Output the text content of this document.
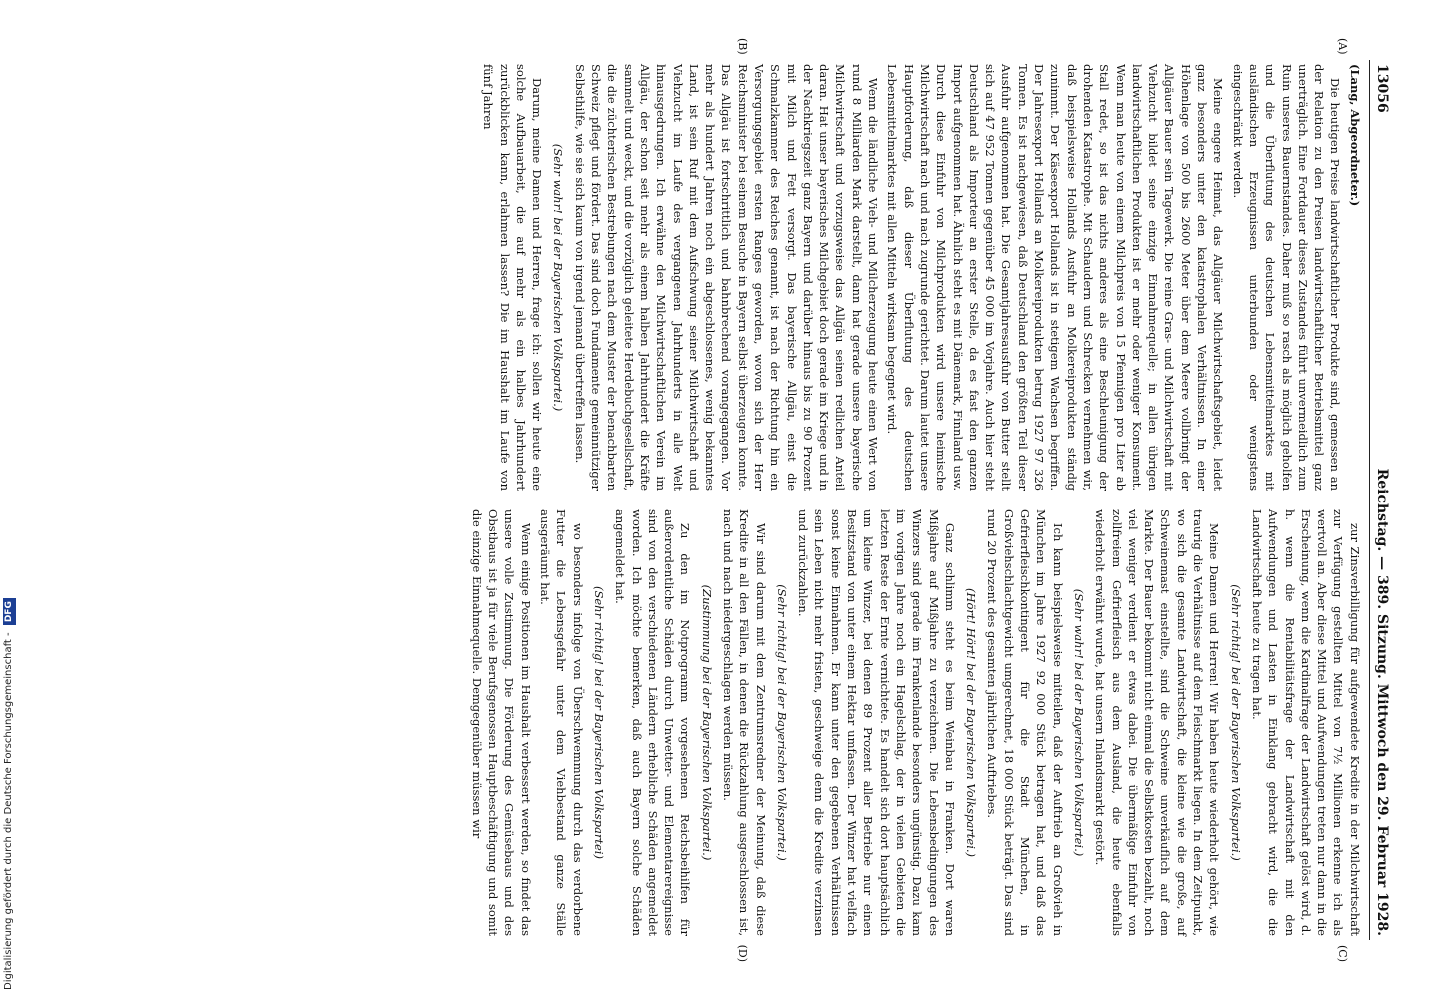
Digitalisierung gefördert durch die Deutsche Forschungsgemeinschaft - DFG
13056
Reichstag. — 389. Sitzung. Mittwoch den 29. Februar 1928.

(Lang, Abgeordneter.)

Die heutigen Preise landwirtschaftlicher Produkte sind, gemessen an der Relation zu den Preisen landwirtschaftlicher Betriebsmittel ganz unerträglich. Eine Fortdauer dieses Zustandes führt unvermeidlich zum Ruin unseres Bauernstandes. Daher muß so rasch als möglich geholfen und die Überflutung des deutschen Lebensmittelmarktes mit ausländischen Erzeugnissen unterbunden oder wenigstens eingeschränkt werden.

Meine engere Heimat, das Allgäuer Milchwirtschaftsgebiet, leidet ganz besonders unter den katastrophalen Verhältnissen. In einer Höhenlage von 500 bis 2600 Meter über dem Meere vollbringt der Allgäuer Bauer sein Tagewerk. Die reine Gras- und Milchwirtschaft mit Viehzucht bildet seine einzige Einnahmequelle; in allen übrigen landwirtschaftlichen Produkten ist er mehr oder weniger Konsument. Wenn man heute von einem Milchpreis von 15 Pfennigen pro Liter ab Stall redet, so ist das nichts anderes als eine Beschleunigung der drohenden Katastrophe. Mit Schaudern und Schrecken vernehmen wir, daß beispielsweise Hollands Ausfuhr an Molkereiprodukten ständig zunimmt. Der Käseexport Hollands ist in stetigem Wachsen begriffen. Der Jahresexport Hollands an Molkereiprodukten betrug 1927 97 326 Tonnen. Es ist nachgewiesen, daß Deutschland den größten Teil dieser Ausfuhr aufgenommen hat. Die Gesamtjahresausfuhr von Butter stellt sich auf 47 952 Tonnen gegenüber 45 000 im Vorjahre. Auch hier steht Deutschland als Importeur an erster Stelle, da es fast den ganzen Import aufgenommen hat. Ähnlich steht es mit Dänemark, Finnland usw. Durch diese Einfuhr von Milchprodukten wird unsere heimische Milchwirtschaft nach und nach zugrunde gerichtet. Darum lautet unsere Hauptforderung, daß dieser Überflutung des deutschen Lebensmittelmarktes mit allen Mitteln wirksam begegnet wird.

Wenn die ländliche Vieh- und Milcherzeugung heute einen Wert von rund 8 Milliarden Mark darstellt, dann hat gerade unsere bayerische Milchwirtschaft und vorzugsweise das Allgäu seinen redlichen Anteil daran. Hat unser bayerisches Milchgebiet doch gerade im Kriege und in der Nachkriegszeit ganz Bayern und darüber hinaus bis zu 90 Prozent mit Milch und Fett versorgt. Das bayerische Allgäu, einst die Schmalzkammer des Reiches genannt, ist nach der Richtung hin ein Versorgungsgebiet ersten Ranges geworden, wovon sich der Herr Reichsminister bei seinem Besuche in Bayern selbst überzeugen konnte. Das Allgäu ist fortschrittlich und bahnbrechend vorangegangen. Vor mehr als hundert Jahren noch ein abgeschlossenes, wenig bekanntes Land, ist sein Ruf mit dem Aufschwung seiner Milchwirtschaft und Viehzucht im Laufe des vergangenen Jahrhunderts in alle Welt hinausgedrungen. Ich erwähne den Milchwirtschaftlichen Verein im Allgäu, der schon seit mehr als einem halben Jahrhundert die Kräfte sammelt und weckt, und die vorzüglich geleitete Herdebuchgesellschaft, die die züchterischen Bestrebungen nach dem Muster der benachbarten Schweiz pflegt und fördert. Das sind doch Fundamente gemeinnütziger Selbsthilfe, wie sie sich kaum von irgend jemand übertreffen lassen.

(Sehr wahr! bei der Bayerischen Volkspartei.)

Darum, meine Damen und Herren, frage ich: sollen wir heute eine solche Aufbauarbeit, die auf mehr als ein halbes Jahrhundert zurückblicken kann, erlahmen lassen? Die im Haushalt im Laufe von fünf Jahren

zur Zinsverbilligung für aufgewendete Kredite in der Milchwirtschaft zur Verfügung gestellten Mittel von 7½ Millionen erkenne ich als wertvoll an. Aber diese Mittel und Aufwendungen treten nur dann in die Erscheinung, wenn die Kardinalfrage der Landwirtschaft gelöst wird, d. h. wenn die Rentabilitätsfrage der Landwirtschaft mit den Aufwendungen und Lasten in Einklang gebracht wird, die die Landwirtschaft heute zu tragen hat.

(Sehr richtig! bei der Bayerischen Volkspartei.)

Meine Damen und Herren! Wir haben heute wiederholt gehört, wie traurig die Verhältnisse auf dem Fleischmarkt liegen. In dem Zeitpunkt, wo sich die gesamte Landwirtschaft, die kleine wie die große, auf Schweinemast einstellte, sind die Schweine unverkäuflich auf dem Markte. Der Bauer bekommt nicht einmal die Selbstkosten bezahlt, noch viel weniger verdient er etwas dabei. Die übermäßige Einfuhr von zollfreiem Gefrierfleisch aus dem Ausland, die heute ebenfalls wiederholt erwähnt wurde, hat unsern Inlandsmarkt gestört.

(Sehr wahr! bei der Bayerischen Volkspartei.)

Ich kann beispielsweise mitteilen, daß der Auftrieb an Großvieh in München im Jahre 1927 92 000 Stück betragen hat, und daß das Gefrierfleischkontingent für die Stadt München, in Großviehschlachtgewicht umgerechnet, 18 000 Stück beträgt. Das sind rund 20 Prozent des gesamten jährlichen Auftriebes.

(Hört! Hört! bei der Bayerischen Volkspartei.)

Ganz schlimm steht es beim Weinbau in Franken. Dort waren Mißjahre auf Mißjahre zu verzeichnen. Die Lebensbedingungen des Winzers sind gerade im Frankenlande besonders ungünstig. Dazu kam im vorigen Jahre noch ein Hagelschlag, der in vielen Gebieten die letzten Reste der Ernte vernichtete. Es handelt sich dort hauptsächlich um kleine Winzer, bei denen 89 Prozent aller Betriebe nur einen Besitzstand von unter einem Hektar umfassen. Der Winzer hat vielfach sonst keine Einnahmen. Er kann unter den gegebenen Verhältnissen sein Leben nicht mehr fristen, geschweige denn die Kredite verzinsen und zurückzahlen.

(Sehr richtig! bei der Bayerischen Volkspartei.)

Wir sind darum mit dem Zentrumsredner der Meinung, daß diese Kredite in all den Fällen, in denen die Rückzahlung ausgeschlossen ist, nach und nach niedergeschlagen werden müssen.

(Zustimmung bei der Bayerischen Volkspartei.)

Zu den im Notprogramm vorgesehenen Reichsbeihilfen für außerordentliche Schäden durch Unwetter- und Elementarereignisse sind von den verschiedenen Ländern erhebliche Schäden angemeldet worden. Ich möchte bemerken, daß auch Bayern solche Schäden angemeldet hat.

(Sehr richtig! bei der Bayerischen Volkspartei)

wo besonders infolge von Überschwemmung durch das verdorbene Futter die Lebensgefahr unter dem Viehbestand ganze Ställe ausgeräumt hat.

Wenn einige Positionen im Haushalt verbessert werden, so findet das unsere volle Zustimmung. Die Förderung des Gemüsebaus und des Obstbaus ist ja für viele Berufsgenossen Hauptbeschäftigung und somit die einzige Einnahmequelle. Demgegenüber müssen wir

(A)
(B)
(C)
(D)
